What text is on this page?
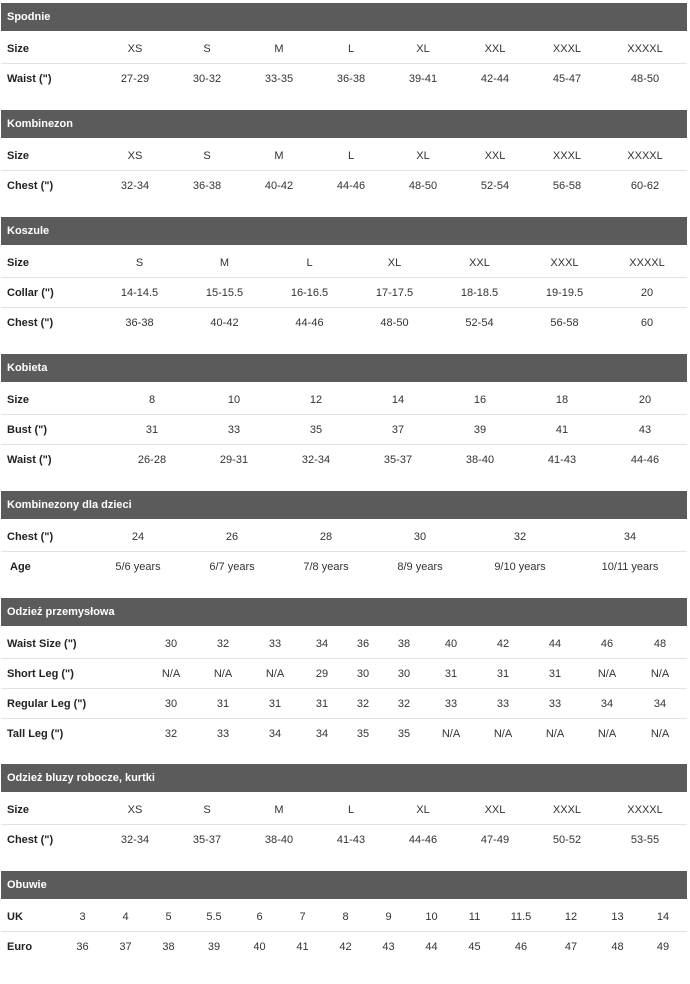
Spodnie
Size	XS	S	M	L	XL	XXL	XXXL	XXXXL
Waist (")	27-29	30-32	33-35	36-38	39-41	42-44	45-47	48-50
Kombinezon
Size	XS	S	M	L	XL	XXL	XXXL	XXXXL
Chest (")	32-34	36-38	40-42	44-46	48-50	52-54	56-58	60-62
Koszule
Size	S	M	L	XL	XXL	XXXL	XXXXL
Collar (")	14-14.5	15-15.5	16-16.5	17-17.5	18-18.5	19-19.5	20
Chest (")	36-38	40-42	44-46	48-50	52-54	56-58	60
Kobieta
Size	8	10	12	14	16	18	20
Bust (")	31	33	35	37	39	41	43
Waist (")	26-28	29-31	32-34	35-37	38-40	41-43	44-46
Kombinezony dla dzieci
Chest (")	24	26	28	30	32	34
Age	5/6 years	6/7 years	7/8 years	8/9 years	9/10 years	10/11 years
Odzież przemysłowa
Waist Size (")	30	32	33	34	36	38	40	42	44	46	48
Short Leg (")	N/A	N/A	N/A	29	30	30	31	31	31	N/A	N/A
Regular Leg (")	30	31	31	31	32	32	33	33	33	34	34
Tall Leg (")	32	33	34	34	35	35	N/A	N/A	N/A	N/A	N/A
Odzież bluzy robocze, kurtki
Size	XS	S	M	L	XL	XXL	XXXL	XXXXL
Chest (")	32-34	35-37	38-40	41-43	44-46	47-49	50-52	53-55
Obuwie
UK	3	4	5	5.5	6	7	8	9	10	11	11.5	12	13	14
Euro	36	37	38	39	40	41	42	43	44	45	46	47	48	49
